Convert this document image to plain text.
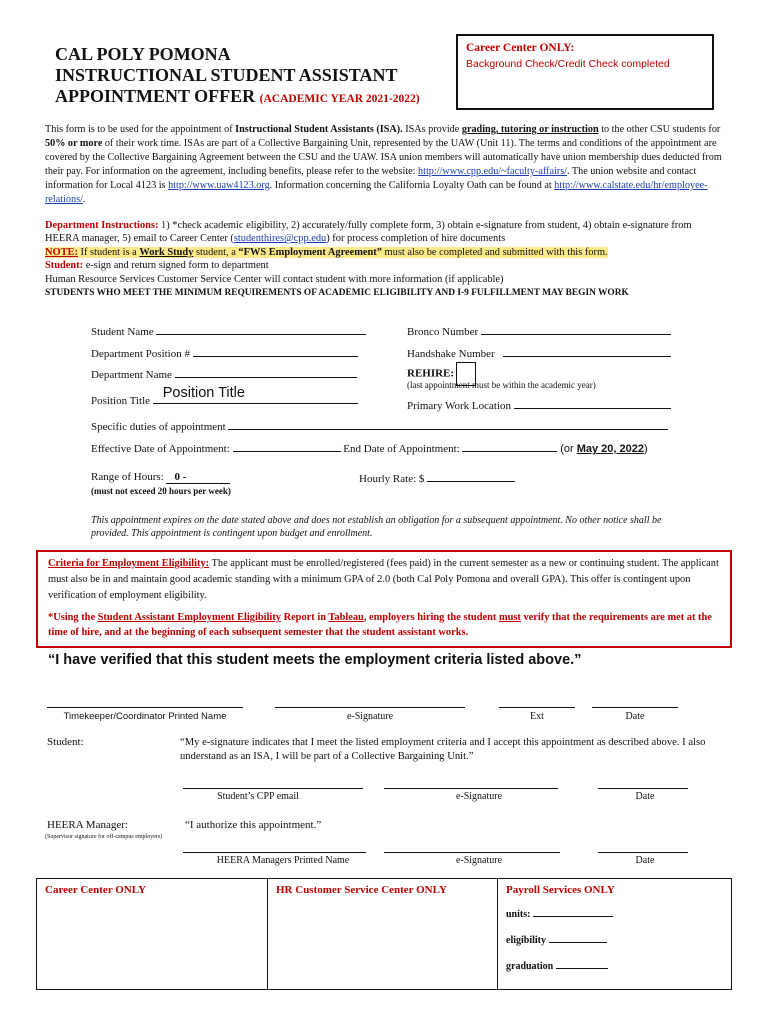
CAL POLY POMONA
INSTRUCTIONAL STUDENT ASSISTANT
APPOINTMENT OFFER (ACADEMIC YEAR 2021-2022)
Career Center ONLY:
Background Check/Credit Check completed
This form is to be used for the appointment of Instructional Student Assistants (ISA). ISAs provide grading, tutoring or instruction to the other CSU students for 50% or more of their work time. ISAs are part of a Collective Bargaining Unit, represented by the UAW (Unit 11). The terms and conditions of the appointment are covered by the Collective Bargaining Agreement between the CSU and the UAW. ISA union members will automatically have union membership dues deducted from their pay. For information on the agreement, including benefits, please refer to the website: http://www.cpp.edu/~faculty-affairs/. The union website and contact information for Local 4123 is http://www.uaw4123.org. Information concerning the California Loyalty Oath can be found at http://www.calstate.edu/hr/employee-relations/.
Department Instructions: 1) *check academic eligibility, 2) accurately/fully complete form, 3) obtain e-signature from student, 4) obtain e-signature from HEERA manager, 5) email to Career Center (studenthires@cpp.edu) for process completion of hire documents
NOTE: If student is a Work Study student, a “FWS Employment Agreement” must also be completed and submitted with this form.
Student: e-sign and return signed form to department
Human Resource Services Customer Service Center will contact student with more information (if applicable)
STUDENTS WHO MEET THE MINIMUM REQUIREMENTS OF ACADEMIC ELIGIBILITY AND I-9 FULFILLMENT MAY BEGIN WORK
Student Name	Bronco Number
Department Position #	Handshake Number
Department Name	REHIRE:
(last appointment must be within the academic year)
Position Title Position Title
Primary Work Location
Specific duties of appointment
Effective Date of Appointment:	End Date of Appointment:	(or May 20, 2022)
Range of Hours: 0 -
(must not exceed 20 hours per week)
Hourly Rate: $
This appointment expires on the date stated above and does not establish an obligation for a subsequent appointment. No other notice shall be provided. This appointment is contingent upon budget and enrollment.
Criteria for Employment Eligibility: The applicant must be enrolled/registered (fees paid) in the current semester as a new or continuing student. The applicant must also be in and maintain good academic standing with a minimum GPA of 2.0 (both Cal Poly Pomona and overall GPA). This offer is contingent upon verification of employment eligibility.
*Using the Student Assistant Employment Eligibility Report in Tableau, employers hiring the student must verify that the requirements are met at the time of hire, and at the beginning of each subsequent semester that the student assistant works.
“I have verified that this student meets the employment criteria listed above.”
Timekeeper/Coordinator Printed Name	e-Signature	Ext	Date
Student:	“My e-signature indicates that I meet the listed employment criteria and I accept this appointment as described above. I also understand as an ISA, I will be part of a Collective Bargaining Unit.”
Student’s CPP email	e-Signature	Date
HEERA Manager:
(Supervisor signature for off-campus employers)
“I authorize this appointment.”
HEERA Managers Printed Name	e-Signature	Date
Career Center ONLY	HR Customer Service Center ONLY	Payroll Services ONLY
units:
eligibility
graduation
